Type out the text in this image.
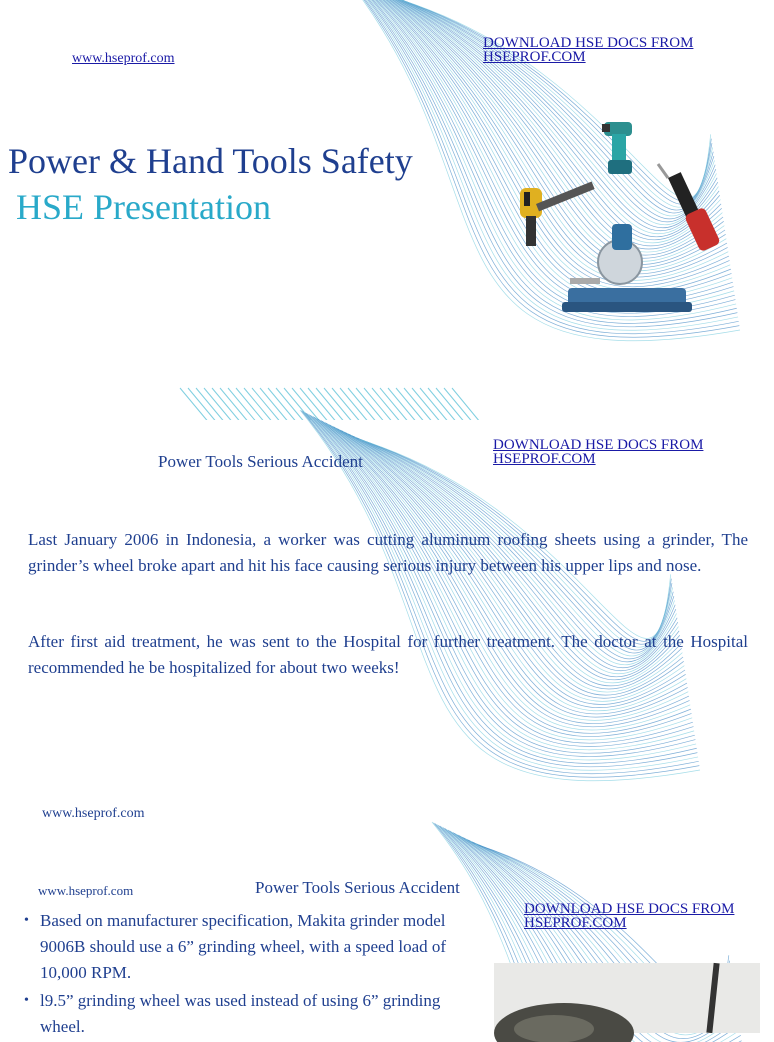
www.hseprof.com
DOWNLOAD HSE DOCS FROM HSEPROF.COM
Power & Hand Tools Safety
HSE Presentation
DOWNLOAD HSE DOCS FROM HSEPROF.COM
Power Tools Serious Accident

Last January 2006 in Indonesia, a worker was cutting aluminum roofing sheets using a grinder, The grinder’s wheel broke apart and hit his face causing serious injury between his upper lips and nose.

After first aid treatment, he was sent to the Hospital for further treatment. The doctor at the Hospital recommended he be hospitalized for about two weeks!

www.hseprof.com
www.hseprof.com	Power Tools Serious Accident
DOWNLOAD HSE DOCS FROM HSEPROF.COM
• Based on manufacturer specification, Makita grinder model 9006B should use a 6” grinding wheel, with a speed load of 10,000 RPM.
• l9.5” grinding wheel was used instead of using 6” grinding wheel.
